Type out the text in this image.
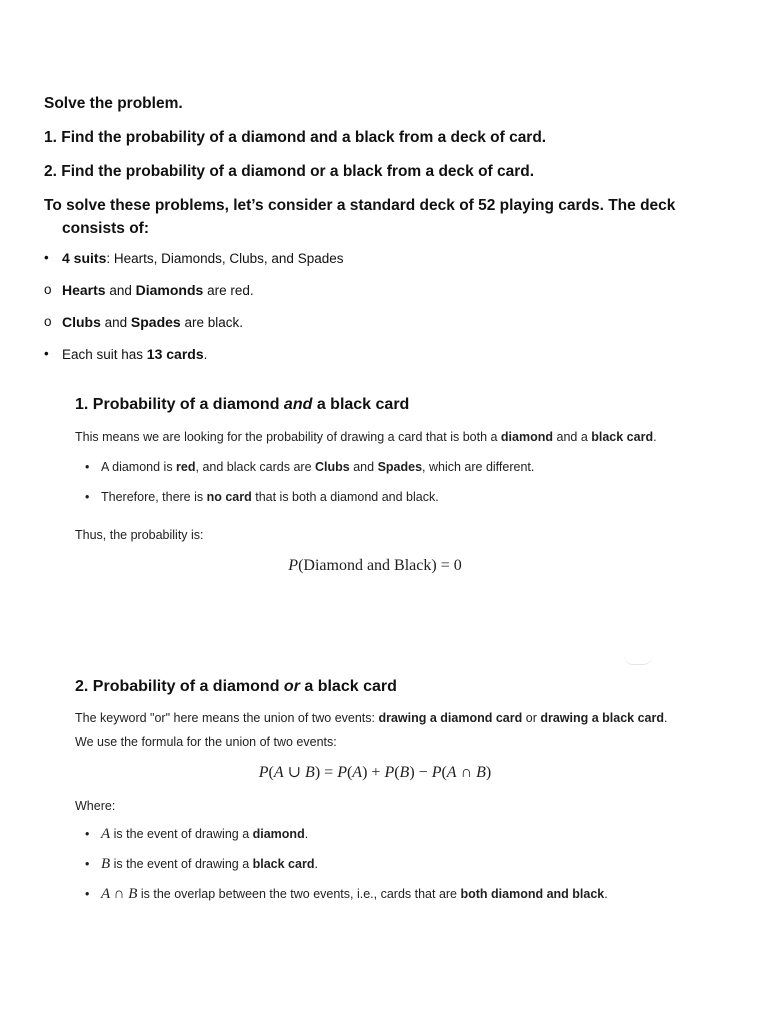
Solve the problem.

1. Find the probability of a diamond and a black from a deck of card.

2. Find the probability of a diamond or a black from a deck of card.

To solve these problems, let’s consider a standard deck of 52 playing cards. The deck consists of:

• 4 suits: Hearts, Diamonds, Clubs, and Spades
o Hearts and Diamonds are red.
o Clubs and Spades are black.
• Each suit has 13 cards.
1. Probability of a diamond and a black card

This means we are looking for the probability of drawing a card that is both a diamond and a black card.

• A diamond is red, and black cards are Clubs and Spades, which are different.
• Therefore, there is no card that is both a diamond and black.

Thus, the probability is:

P(Diamond and Black) = 0
2. Probability of a diamond or a black card

The keyword "or" here means the union of two events: drawing a diamond card or drawing a black card. We use the formula for the union of two events:

P(A ∪ B) = P(A) + P(B) − P(A ∩ B)

Where:

• A is the event of drawing a diamond.
• B is the event of drawing a black card.
• A ∩ B is the overlap between the two events, i.e., cards that are both diamond and black.
